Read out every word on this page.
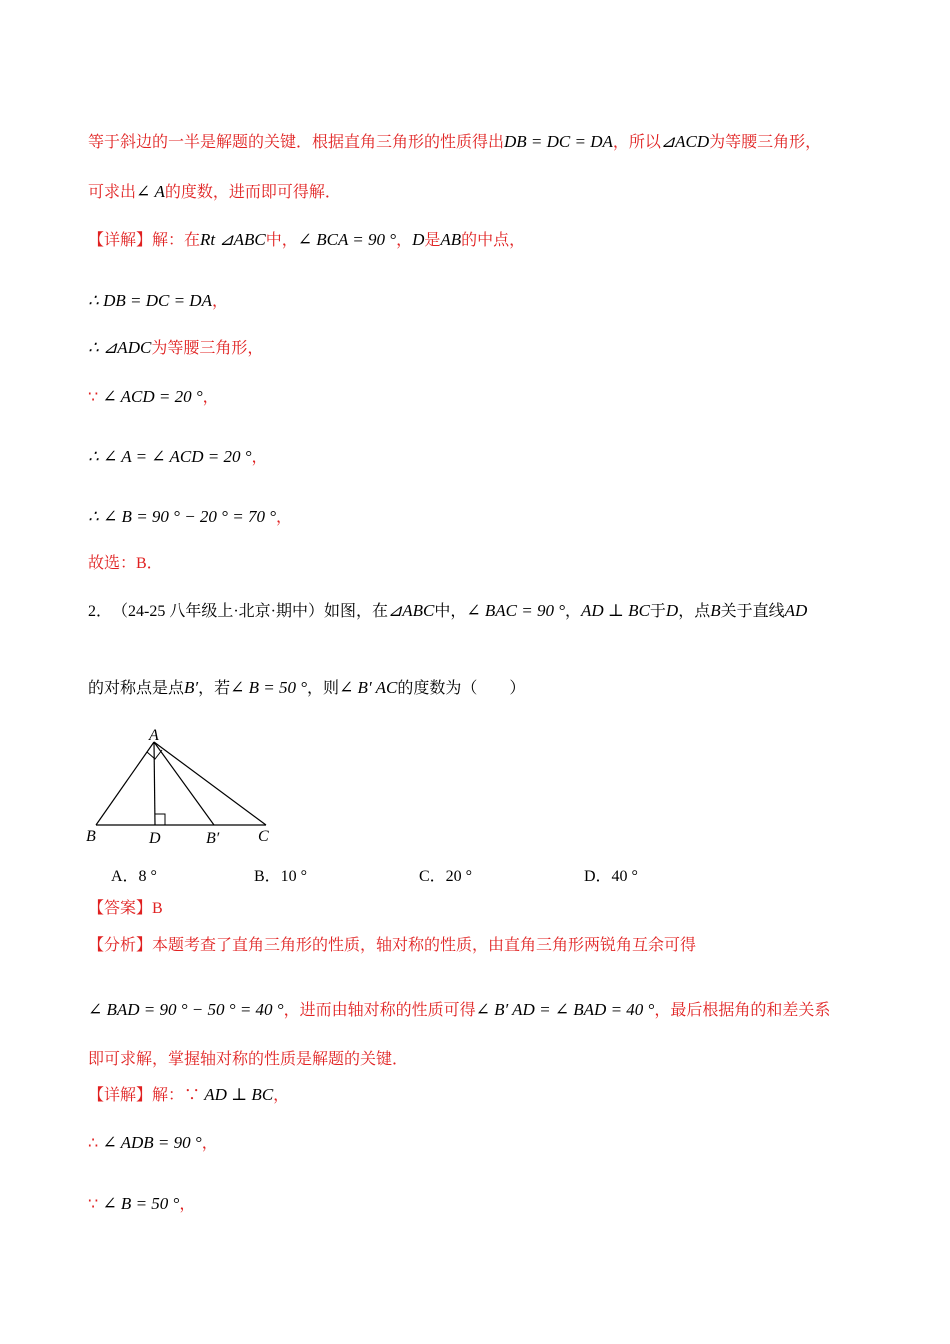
等于斜边的一半是解题的关键．根据直角三角形的性质得出DB = DC = DA，所以⊿ACD为等腰三角形，
可求出∠ A的度数，进而即可得解．
【详解】解：在Rt ⊿ABC中，∠ BCA = 90 °，D是AB的中点，
∴ DB = DC = DA，
∴ ⊿ADC为等腰三角形，
∵ ∠ ACD = 20 °，
∴ ∠ A = ∠ ACD = 20 °，
∴ ∠ B = 90 ° − 20 ° = 70 °，
故选：B．
2． （24-25 八年级上·北京·期中）如图，在⊿ABC中，∠ BAC = 90 °，AD ⊥ BC于D，点B关于直线AD
的对称点是点B′，若∠ B = 50 °，则∠ B′ AC的度数为（　　）
A
B	D	B′ C
A．8 °	B．10 °	C．20 °	D．40 °
【答案】B
【分析】本题考查了直角三角形的性质，轴对称的性质，由直角三角形两锐角互余可得
∠ BAD = 90 ° − 50 ° = 40 °，进而由轴对称的性质可得∠ B′ AD = ∠ BAD = 40 °，最后根据角的和差关系
即可求解，掌握轴对称的性质是解题的关键．
【详解】解：∵ AD ⊥ BC，
∴ ∠ ADB = 90 °，
∵ ∠ B = 50 °，
